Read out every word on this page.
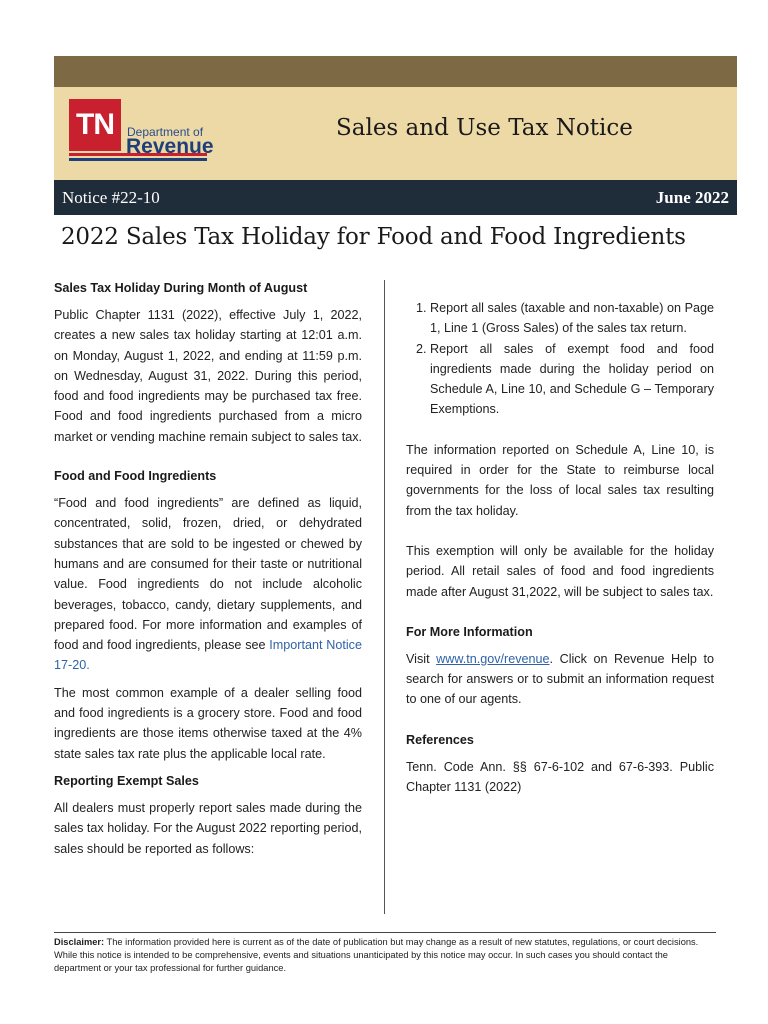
TN	Department of
Revenue
Sales and Use Tax Notice
Notice #22-10	June 2022
2022 Sales Tax Holiday for Food and Food Ingredients
Sales Tax Holiday During Month of August

Public Chapter 1131 (2022), effective July 1, 2022, creates a new sales tax holiday starting at 12:01 a.m. on Monday, August 1, 2022, and ending at 11:59 p.m. on Wednesday, August 31, 2022. During this period, food and food ingredients may be purchased tax free. Food and food ingredients purchased from a micro market or vending machine remain subject to sales tax.

Food and Food Ingredients

“Food and food ingredients” are defined as liquid, concentrated, solid, frozen, dried, or dehydrated substances that are sold to be ingested or chewed by humans and are consumed for their taste or nutritional value. Food ingredients do not include alcoholic beverages, tobacco, candy, dietary supplements, and prepared food. For more information and examples of food and food ingredients, please see Important Notice 17-20.

The most common example of a dealer selling food and food ingredients is a grocery store. Food and food ingredients are those items otherwise taxed at the 4% state sales tax rate plus the applicable local rate.

Reporting Exempt Sales

All dealers must properly report sales made during the sales tax holiday. For the August 2022 reporting period, sales should be reported as follows:

1. Report all sales (taxable and non-taxable) on Page 1, Line 1 (Gross Sales) of the sales tax return.
2. Report all sales of exempt food and food ingredients made during the holiday period on Schedule A, Line 10, and Schedule G – Temporary Exemptions.

The information reported on Schedule A, Line 10, is required in order for the State to reimburse local governments for the loss of local sales tax resulting from the tax holiday.

This exemption will only be available for the holiday period. All retail sales of food and food ingredients made after August 31,2022, will be subject to sales tax.

For More Information

Visit www.tn.gov/revenue. Click on Revenue Help to search for answers or to submit an information request to one of our agents.

References

Tenn. Code Ann. §§ 67-6-102 and 67-6-393. Public Chapter 1131 (2022)

Disclaimer: The information provided here is current as of the date of publication but may change as a result of new statutes, regulations, or court decisions. While this notice is intended to be comprehensive, events and situations unanticipated by this notice may occur. In such cases you should contact the department or your tax professional for further guidance.
